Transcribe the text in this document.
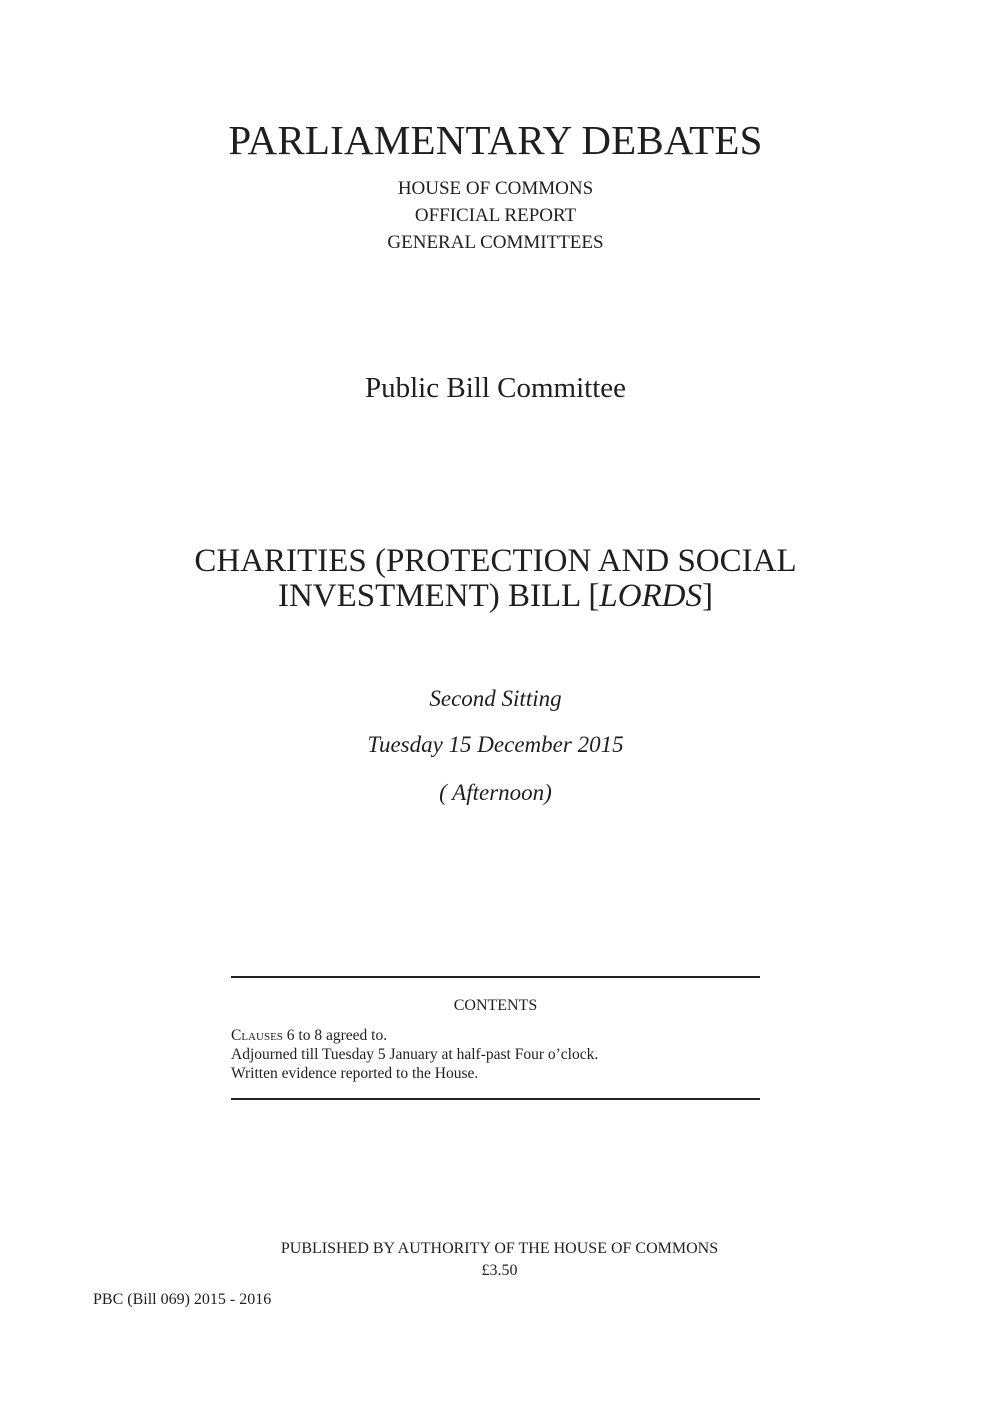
PARLIAMENTARY DEBATES
HOUSE OF COMMONS
OFFICIAL REPORT
GENERAL COMMITTEES
Public Bill Committee
CHARITIES (PROTECTION AND SOCIAL
INVESTMENT) BILL [LORDS]
Second Sitting
Tuesday 15 December 2015
( Afternoon)
CONTENTS
Clauses 6 to 8 agreed to.
Adjourned till Tuesday 5 January at half-past Four o’clock.
Written evidence reported to the House.
PUBLISHED BY AUTHORITY OF THE HOUSE OF COMMONS
£3.50
PBC (Bill 069) 2015 - 2016
